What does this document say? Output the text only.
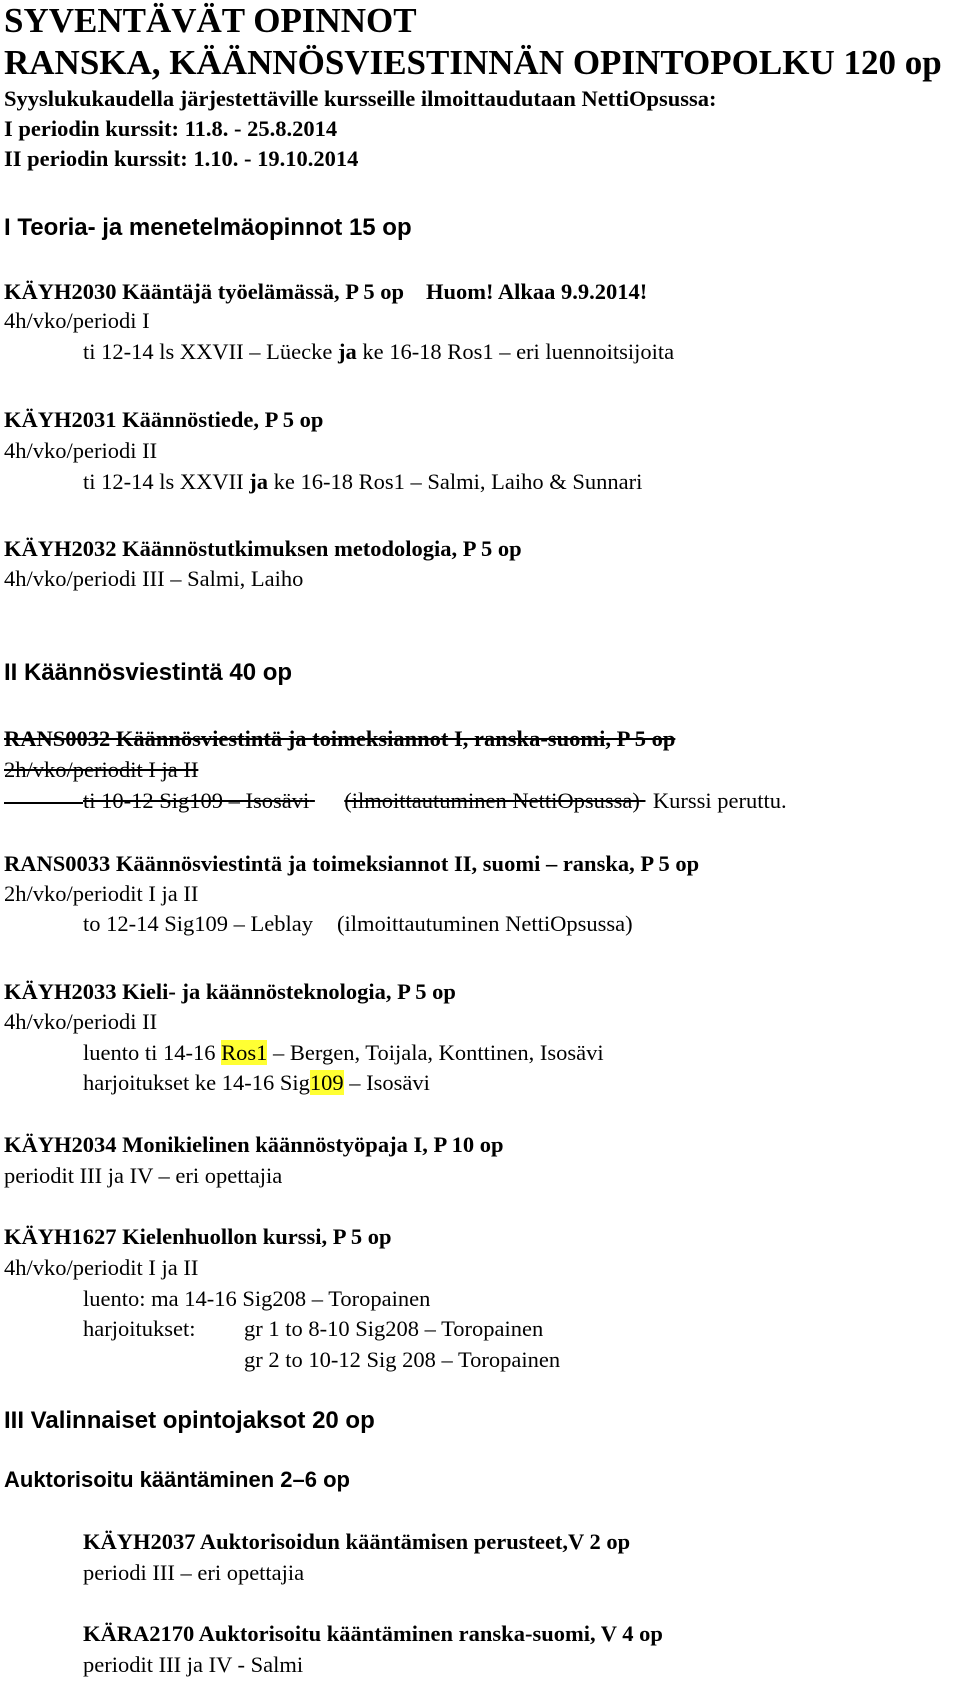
SYVENTÄVÄT OPINNOT
RANSKA, KÄÄNNÖSVIESTINNÄN OPINTOPOLKU 120 op
Syyslukukaudella järjestettäville kursseille ilmoittaudutaan NettiOpsussa:
I periodin kurssit: 11.8. - 25.8.2014
II periodin kurssit: 1.10. - 19.10.2014
I Teoria- ja menetelmäopinnot 15 op
KÄYH2030 Kääntäjä työelämässä, P 5 op Huom! Alkaa 9.9.2014!
4h/vko/periodi I
ti 12-14 ls XXVII – Lüecke ja ke 16-18 Ros1 – eri luennoitsijoita
KÄYH2031 Käännöstiede, P 5 op
4h/vko/periodi II
ti 12-14 ls XXVII ja ke 16-18 Ros1 – Salmi, Laiho & Sunnari
KÄYH2032 Käännöstutkimuksen metodologia, P 5 op
4h/vko/periodi III – Salmi, Laiho
II Käännösviestintä 40 op
RANS0032 Käännösviestintä ja toimeksiannot I, ranska-suomi, P 5 op
2h/vko/periodit I ja II
ti 10-12 Sig109 – Isosävi (ilmoittautuminen NettiOpsussa) Kurssi peruttu.
RANS0033 Käännösviestintä ja toimeksiannot II, suomi – ranska, P 5 op
2h/vko/periodit I ja II
to 12-14 Sig109 – Leblay (ilmoittautuminen NettiOpsussa)
KÄYH2033 Kieli- ja käännösteknologia, P 5 op
4h/vko/periodi II
luento ti 14-16 Ros1 – Bergen, Toijala, Konttinen, Isosävi
harjoitukset ke 14-16 Sig109 – Isosävi
KÄYH2034 Monikielinen käännöstyöpaja I, P 10 op
periodit III ja IV – eri opettajia
KÄYH1627 Kielenhuollon kurssi, P 5 op
4h/vko/periodit I ja II
luento: ma 14-16 Sig208 – Toropainen
harjoitukset: gr 1 to 8-10 Sig208 – Toropainen
gr 2 to 10-12 Sig 208 – Toropainen
III Valinnaiset opintojaksot 20 op
Auktorisoitu kääntäminen 2–6 op
KÄYH2037 Auktorisoidun kääntämisen perusteet,V 2 op
periodi III – eri opettajia
KÄRA2170 Auktorisoitu kääntäminen ranska-suomi, V 4 op
periodit III ja IV - Salmi
